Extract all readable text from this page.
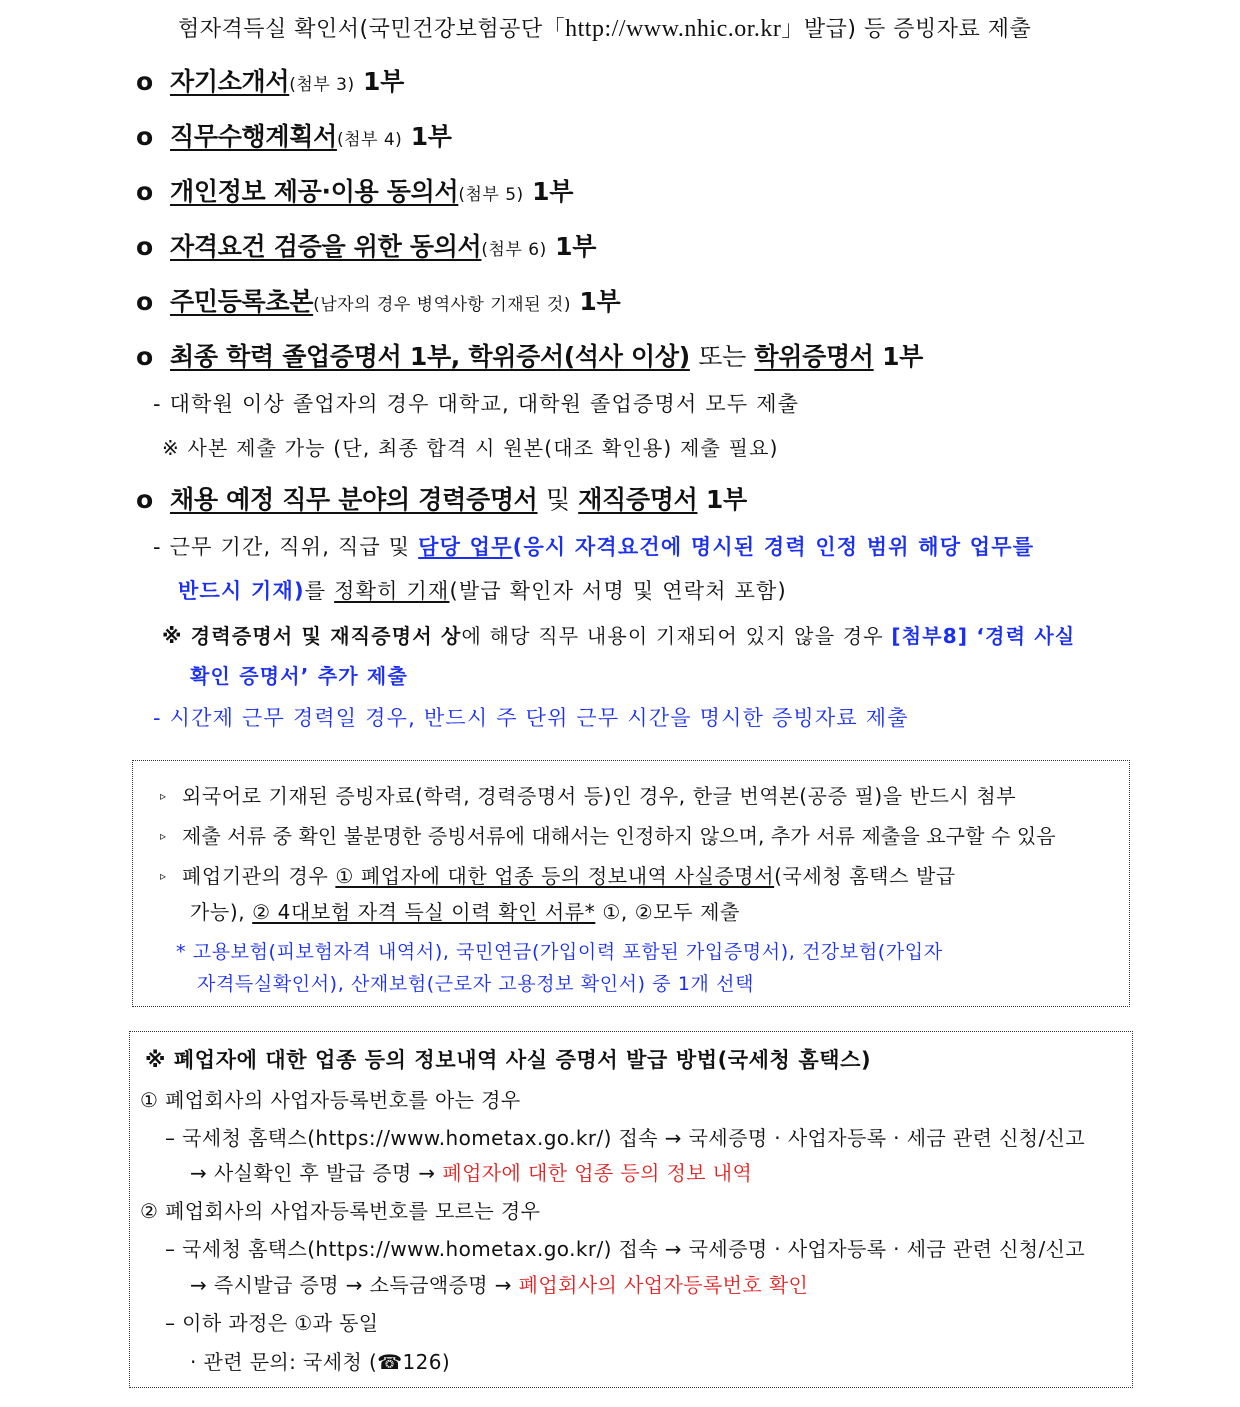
험자격득실 확인서(국민건강보험공단「http://www.nhic.or.kr」발급) 등 증빙자료 제출
o 자기소개서(첨부 3) 1부
o 직무수행계획서(첨부 4) 1부
o 개인정보 제공·이용 동의서(첨부 5) 1부
o 자격요건 검증을 위한 동의서(첨부 6) 1부
o 주민등록초본(남자의 경우 병역사항 기재된 것) 1부
o 최종 학력 졸업증명서 1부, 학위증서(석사 이상) 또는 학위증명서 1부
- 대학원 이상 졸업자의 경우 대학교, 대학원 졸업증명서 모두 제출
※ 사본 제출 가능 (단, 최종 합격 시 원본(대조 확인용) 제출 필요)
o 채용 예정 직무 분야의 경력증명서 및 재직증명서 1부
- 근무 기간, 직위, 직급 및 담당 업무(응시 자격요건에 명시된 경력 인정 범위 해당 업무를
반드시 기재)를 정확히 기재(발급 확인자 서명 및 연락처 포함)
※ 경력증명서 및 재직증명서 상에 해당 직무 내용이 기재되어 있지 않을 경우 [첨부8] ‘경력 사실
확인 증명서’ 추가 제출
- 시간제 근무 경력일 경우, 반드시 주 단위 근무 시간을 명시한 증빙자료 제출
▹ 외국어로 기재된 증빙자료(학력, 경력증명서 등)인 경우, 한글 번역본(공증 필)을 반드시 첨부
▹ 제출 서류 중 확인 불분명한 증빙서류에 대해서는 인정하지 않으며, 추가 서류 제출을 요구할 수 있음
▹ 폐업기관의 경우 ① 폐업자에 대한 업종 등의 정보내역 사실증명서(국세청 홈택스 발급
가능), ② 4대보험 자격 득실 이력 확인 서류* ①, ②모두 제출
* 고용보험(피보험자격 내역서), 국민연금(가입이력 포함된 가입증명서), 건강보험(가입자
자격득실확인서), 산재보험(근로자 고용정보 확인서) 중 1개 선택
※ 폐업자에 대한 업종 등의 정보내역 사실 증명서 발급 방법(국세청 홈택스)
① 폐업회사의 사업자등록번호를 아는 경우
– 국세청 홈택스(https://www.hometax.go.kr/) 접속 → 국세증명 · 사업자등록 · 세금 관련 신청/신고
→ 사실확인 후 발급 증명 → 폐업자에 대한 업종 등의 정보 내역
② 폐업회사의 사업자등록번호를 모르는 경우
– 국세청 홈택스(https://www.hometax.go.kr/) 접속 → 국세증명 · 사업자등록 · 세금 관련 신청/신고
→ 즉시발급 증명 → 소득금액증명 → 폐업회사의 사업자등록번호 확인
– 이하 과정은 ①과 동일
· 관련 문의: 국세청 (☎126)
